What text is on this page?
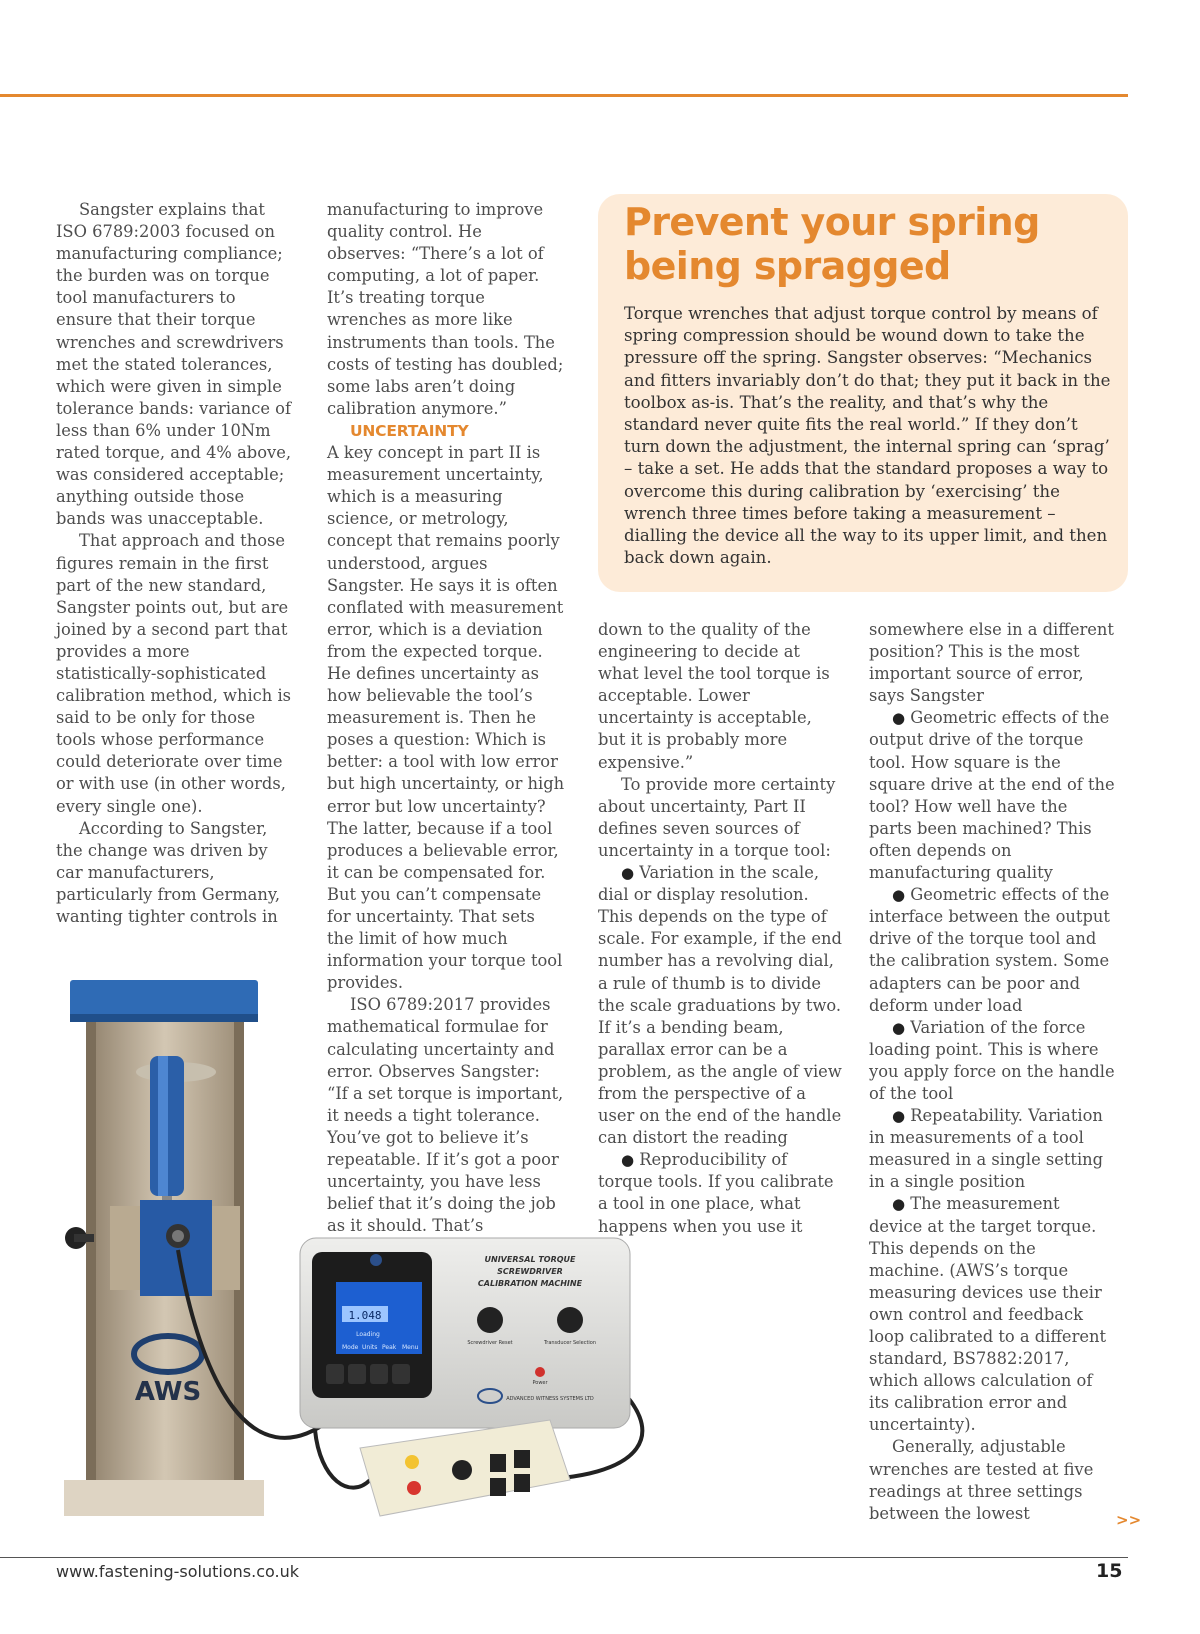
Sangster explains that ISO 6789:2003 focused on manufacturing compliance; the burden was on torque tool manufacturers to ensure that their torque wrenches and screwdrivers met the stated tolerances, which were given in simple tolerance bands: variance of less than 6% under 10Nm rated torque, and 4% above, was considered acceptable; anything outside those bands was unacceptable.

That approach and those figures remain in the first part of the new standard, Sangster points out, but are joined by a second part that provides a more statistically-sophisticated calibration method, which is said to be only for those tools whose performance could deteriorate over time or with use (in other words, every single one).

According to Sangster, the change was driven by car manufacturers, particularly from Germany, wanting tighter controls in

manufacturing to improve quality control. He observes: “There’s a lot of computing, a lot of paper. It’s treating torque wrenches as more like instruments than tools. The costs of testing has doubled; some labs aren’t doing calibration anymore.”

UNCERTAINTY

A key concept in part II is measurement uncertainty, which is a measuring science, or metrology, concept that remains poorly understood, argues Sangster. He says it is often conflated with measurement error, which is a deviation from the expected torque. He defines uncertainty as how believable the tool’s measurement is. Then he poses a question: Which is better: a tool with low error but high uncertainty, or high error but low uncertainty? The latter, because if a tool produces a believable error, it can be compensated for. But you can’t compensate for uncertainty. That sets the limit of how much information your torque tool provides.

ISO 6789:2017 provides mathematical formulae for calculating uncertainty and error. Observes Sangster: “If a set torque is important, it needs a tight tolerance. You’ve got to believe it’s repeatable. If it’s got a poor uncertainty, you have less belief that it’s doing the job as it should. That’s

Prevent your spring being spragged

Torque wrenches that adjust torque control by means of spring compression should be wound down to take the pressure off the spring. Sangster observes: “Mechanics and fitters invariably don’t do that; they put it back in the toolbox as-is. That’s the reality, and that’s why the standard never quite fits the real world.” If they don’t turn down the adjustment, the internal spring can ‘sprag’ – take a set. He adds that the standard proposes a way to overcome this during calibration by ‘exercising’ the wrench three times before taking a measurement – dialling the device all the way to its upper limit, and then back down again.

down to the quality of the engineering to decide at what level the tool torque is acceptable. Lower uncertainty is acceptable, but it is probably more expensive.”

To provide more certainty about uncertainty, Part II defines seven sources of uncertainty in a torque tool:

● Variation in the scale, dial or display resolution. This depends on the type of scale. For example, if the end number has a revolving dial, a rule of thumb is to divide the scale graduations by two. If it’s a bending beam, parallax error can be a problem, as the angle of view from the perspective of a user on the end of the handle can distort the reading

● Reproducibility of torque tools. If you calibrate a tool in one place, what happens when you use it

somewhere else in a different position? This is the most important source of error, says Sangster

● Geometric effects of the output drive of the torque tool. How square is the square drive at the end of the tool? How well have the parts been machined? This often depends on manufacturing quality

● Geometric effects of the interface between the output drive of the torque tool and the calibration system. Some adapters can be poor and deform under load

● Variation of the force loading point. This is where you apply force on the handle of the tool

● Repeatability. Variation in measurements of a tool measured in a single setting in a single position

● The measurement device at the target torque. This depends on the machine. (AWS’s torque measuring devices use their own control and feedback loop calibrated to a different standard, BS7882:2017, which allows calculation of its calibration error and uncertainty).

Generally, adjustable wrenches are tested at five readings at three settings between the lowest	>>
AWS
1.048
Loading
Mode Units Peak Menu
UNIVERSAL TORQUE
SCREWDRIVER
CALIBRATION MACHINE
Screwdriver Reset	Transducer Selection
Power
ADVANCED WITNESS SYSTEMS LTD
www.fastening-solutions.co.uk	15
